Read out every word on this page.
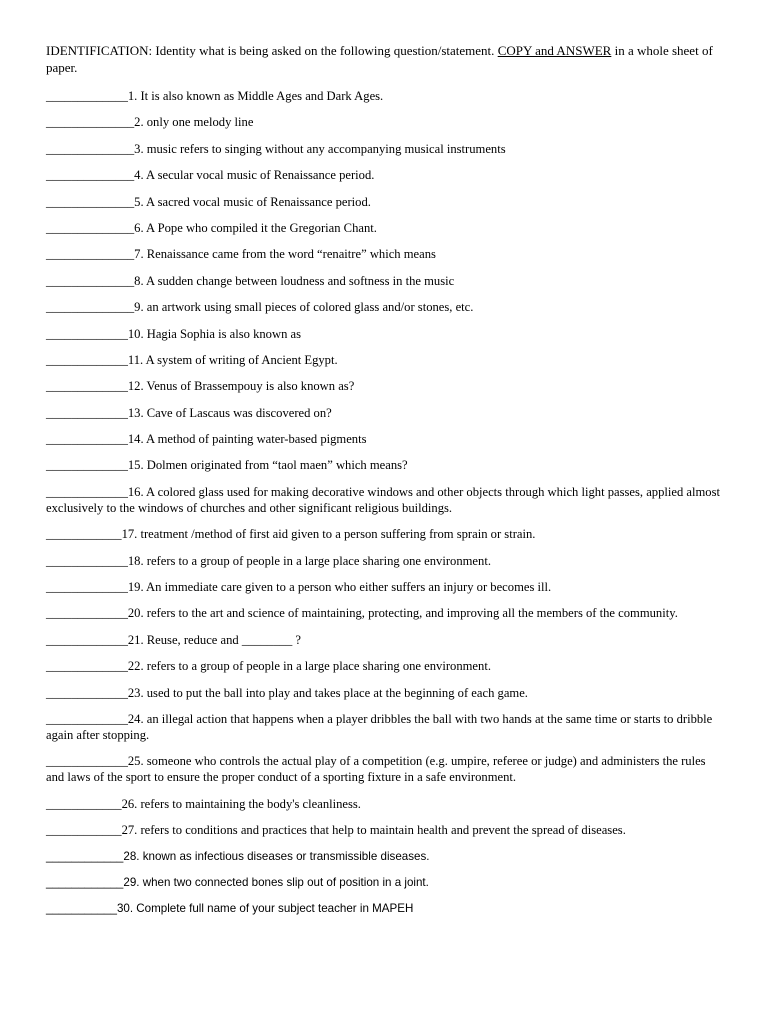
IDENTIFICATION: Identity what is being asked on the following question/statement. COPY and ANSWER in a whole sheet of paper.
_____________1. It is also known as Middle Ages and Dark Ages.
______________2. only one melody line
______________3. music refers to singing without any accompanying musical instruments
______________4. A secular vocal music of Renaissance period.
______________5. A sacred vocal music of Renaissance period.
______________6. A Pope who compiled it the Gregorian Chant.
______________7. Renaissance came from the word “renaitre” which means
______________8. A sudden change between loudness and softness in the music
______________9. an artwork using small pieces of colored glass and/or stones, etc.
_____________10. Hagia Sophia is also known as
_____________11. A system of writing of Ancient Egypt.
_____________12. Venus of Brassempouy is also known as?
_____________13. Cave of Lascaus was discovered on?
_____________14. A method of painting water-based pigments
_____________15. Dolmen originated from “taol maen” which means?
_____________16. A colored glass used for making decorative windows and other objects through which light passes, applied almost exclusively to the windows of churches and other significant religious buildings.
____________17. treatment /method of first aid given to a person suffering from sprain or strain.
_____________18. refers to a group of people in a large place sharing one environment.
_____________19. An immediate care given to a person who either suffers an injury or becomes ill.
_____________20. refers to the art and science of maintaining, protecting, and improving all the members of the community.
_____________21. Reuse, reduce and ________ ?
_____________22. refers to a group of people in a large place sharing one environment.
_____________23. used to put the ball into play and takes place at the beginning of each game.
_____________24. an illegal action that happens when a player dribbles the ball with two hands at the same time or starts to dribble again after stopping.
_____________25. someone who controls the actual play of a competition (e.g. umpire, referee or judge) and administers the rules and laws of the sport to ensure the proper conduct of a sporting fixture in a safe environment.
____________26. refers to maintaining the body's cleanliness.
____________27. refers to conditions and practices that help to maintain health and prevent the spread of diseases.
____________28. known as infectious diseases or transmissible diseases.
____________29. when two connected bones slip out of position in a joint.
___________30. Complete full name of your subject teacher in MAPEH
